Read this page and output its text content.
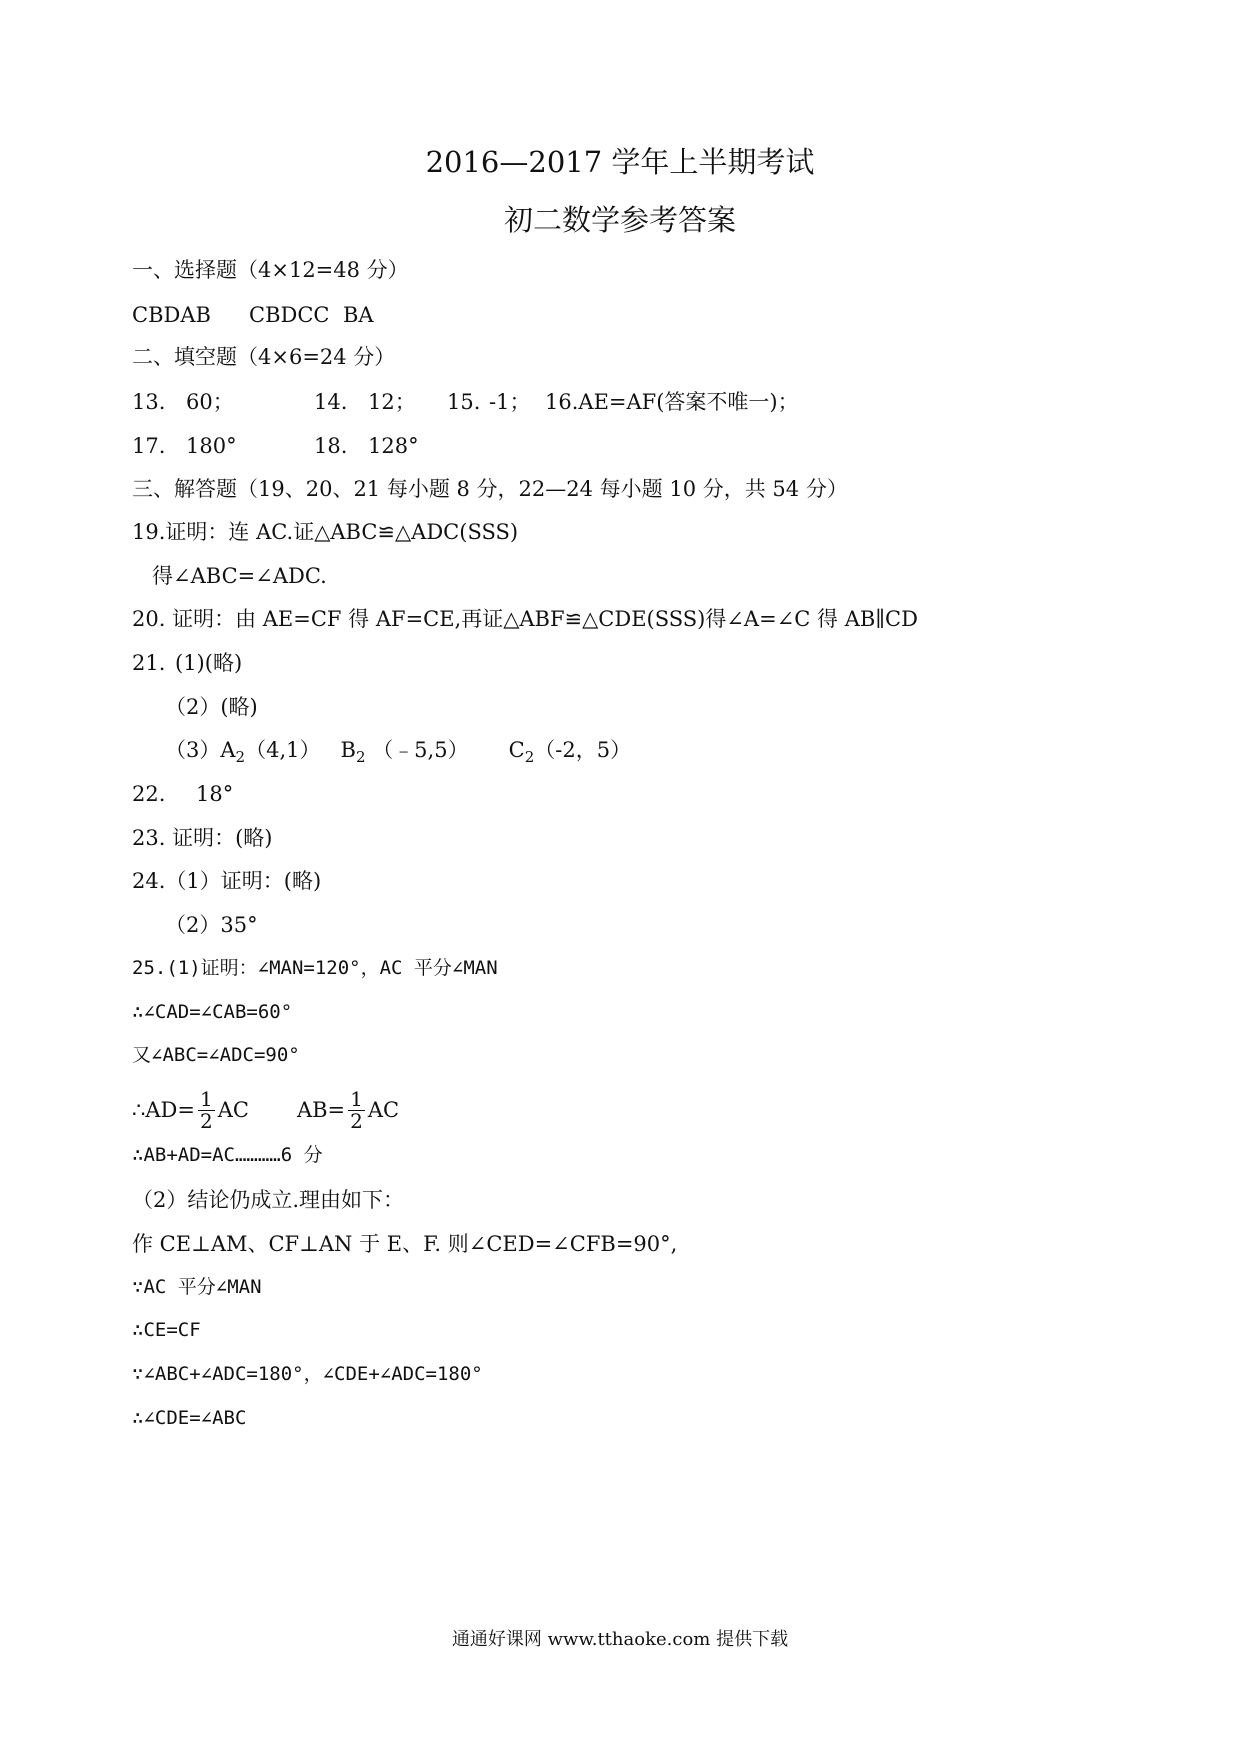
2016—2017 学年上半期考试
初二数学参考答案
一、选择题（4×12=48 分）
CBDAB CBDCC BA
二、填空题（4×6=24 分）
13. 60；	14. 12； 15. -1； 16.AE=AF(答案不唯一)；
17. 180°	18. 128°
三、解答题（19、20、21 每小题 8 分，22—24 每小题 10 分，共 54 分）
19.证明：连 AC.证△ABC≌△ADC(SSS)
得∠ABC=∠ADC.
20. 证明：由 AE=CF 得 AF=CE,再证△ABF≌△CDE(SSS)得∠A=∠C 得 AB∥CD
21. (1)(略)
（2）(略)
$(3)A_2(4,1)$ $B_2$ （﹣5,5） $C_2(-2$，5）
22. 18°
23. 证明：(略)
24.（1）证明：(略)
（2）35°
25.(1)证明：∠MAN=120°，AC 平分∠MAN
∴∠CAD=∠CAB=60°
又∠ABC=∠ADC=90°
∴AD= $\frac{1}{2}$ AC $AB= \frac{1}{2}$ AC
∴AB+AD=AC…………6 分
（2）结论仍成立.理由如下：
作 CE⊥AM、CF⊥AN 于 E、F. 则∠CED=∠CFB=90°,
∵AC 平分∠MAN
∴CE=CF
∵∠ABC+∠ADC=180°，∠CDE+∠ADC=180°
∴∠CDE=∠ABC
通通好课网 www.tthaoke.com 提供下载
